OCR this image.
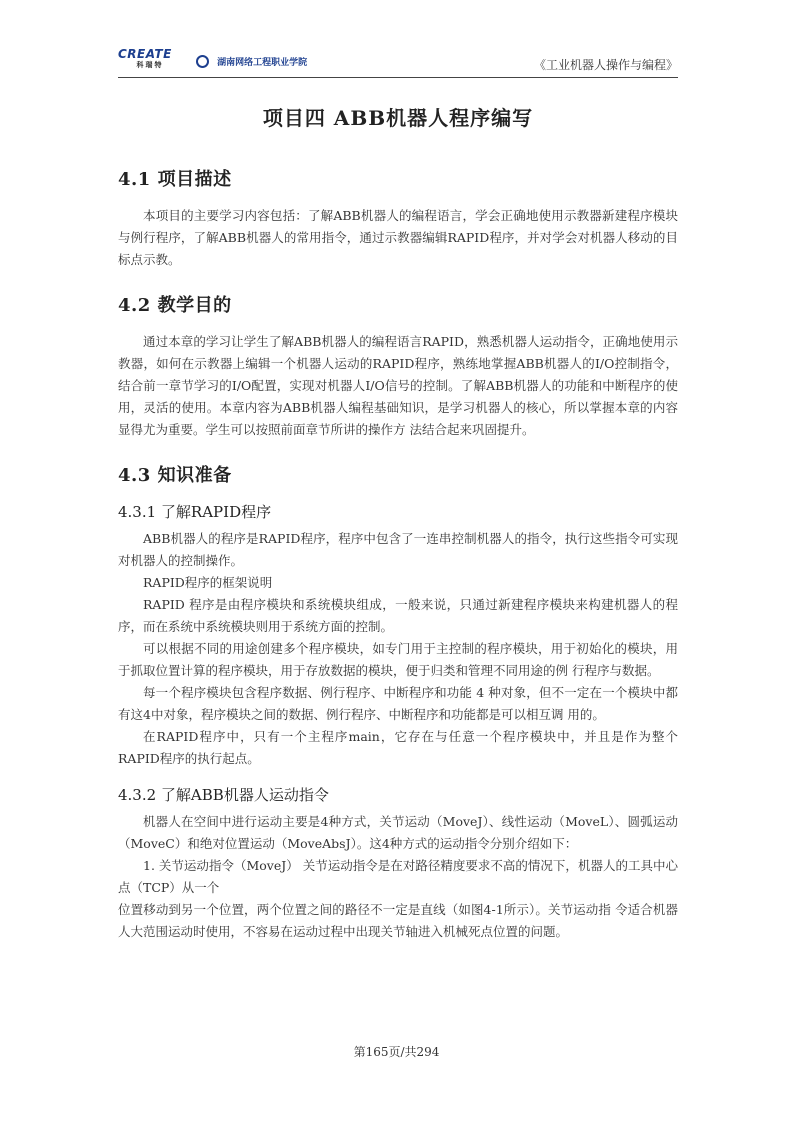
CREATE
科瑞特	湖南网络工程职业学院	《工业机器人操作与编程》
项目四 ABB机器人程序编写
4.1 项目描述

本项目的主要学习内容包括：了解ABB机器人的编程语言，学会正确地使用示教器新建程序模块与例行程序，了解ABB机器人的常用指令，通过示教器编辑RAPID程序，并对学会对机器人移动的目标点示教。

4.2 教学目的

通过本章的学习让学生了解ABB机器人的编程语言RAPID，熟悉机器人运动指令，正确地使用示教器，如何在示教器上编辑一个机器人运动的RAPID程序，熟练地掌握ABB机器人的I/O控制指令，结合前一章节学习的I/O配置，实现对机器人I/O信号的控制。了解ABB机器人的功能和中断程序的使用，灵活的使用。本章内容为ABB机器人编程基础知识，是学习机器人的核心，所以掌握本章的内容显得尤为重要。学生可以按照前面章节所讲的操作方 法结合起来巩固提升。

4.3 知识准备
4.3.1 了解RAPID程序

ABB机器人的程序是RAPID程序，程序中包含了一连串控制机器人的指令，执行这些指令可实现对机器人的控制操作。

RAPID程序的框架说明

RAPID 程序是由程序模块和系统模块组成，一般来说，只通过新建程序模块来构建机器人的程序，而在系统中系统模块则用于系统方面的控制。

可以根据不同的用途创建多个程序模块，如专门用于主控制的程序模块，用于初始化的模块，用于抓取位置计算的程序模块，用于存放数据的模块，便于归类和管理不同用途的例 行程序与数据。

每一个程序模块包含程序数据、例行程序、中断程序和功能 4 种对象，但不一定在一个模块中都有这4中对象，程序模块之间的数据、例行程序、中断程序和功能都是可以相互调 用的。

在RAPID程序中，只有一个主程序main，它存在与任意一个程序模块中，并且是作为整个RAPID程序的执行起点。

4.3.2 了解ABB机器人运动指令

机器人在空间中进行运动主要是4种方式，关节运动（MoveJ）、线性运动（MoveL）、圆弧运动（MoveC）和绝对位置运动（MoveAbsJ）。这4种方式的运动指令分别介绍如下：

1. 关节运动指令（MoveJ） 关节运动指令是在对路径精度要求不高的情况下，机器人的工具中心点（TCP）从一个

位置移动到另一个位置，两个位置之间的路径不一定是直线（如图4-1所示）。关节运动指 令适合机器人大范围运动时使用，不容易在运动过程中出现关节轴进入机械死点位置的问题。

第165页/共294
